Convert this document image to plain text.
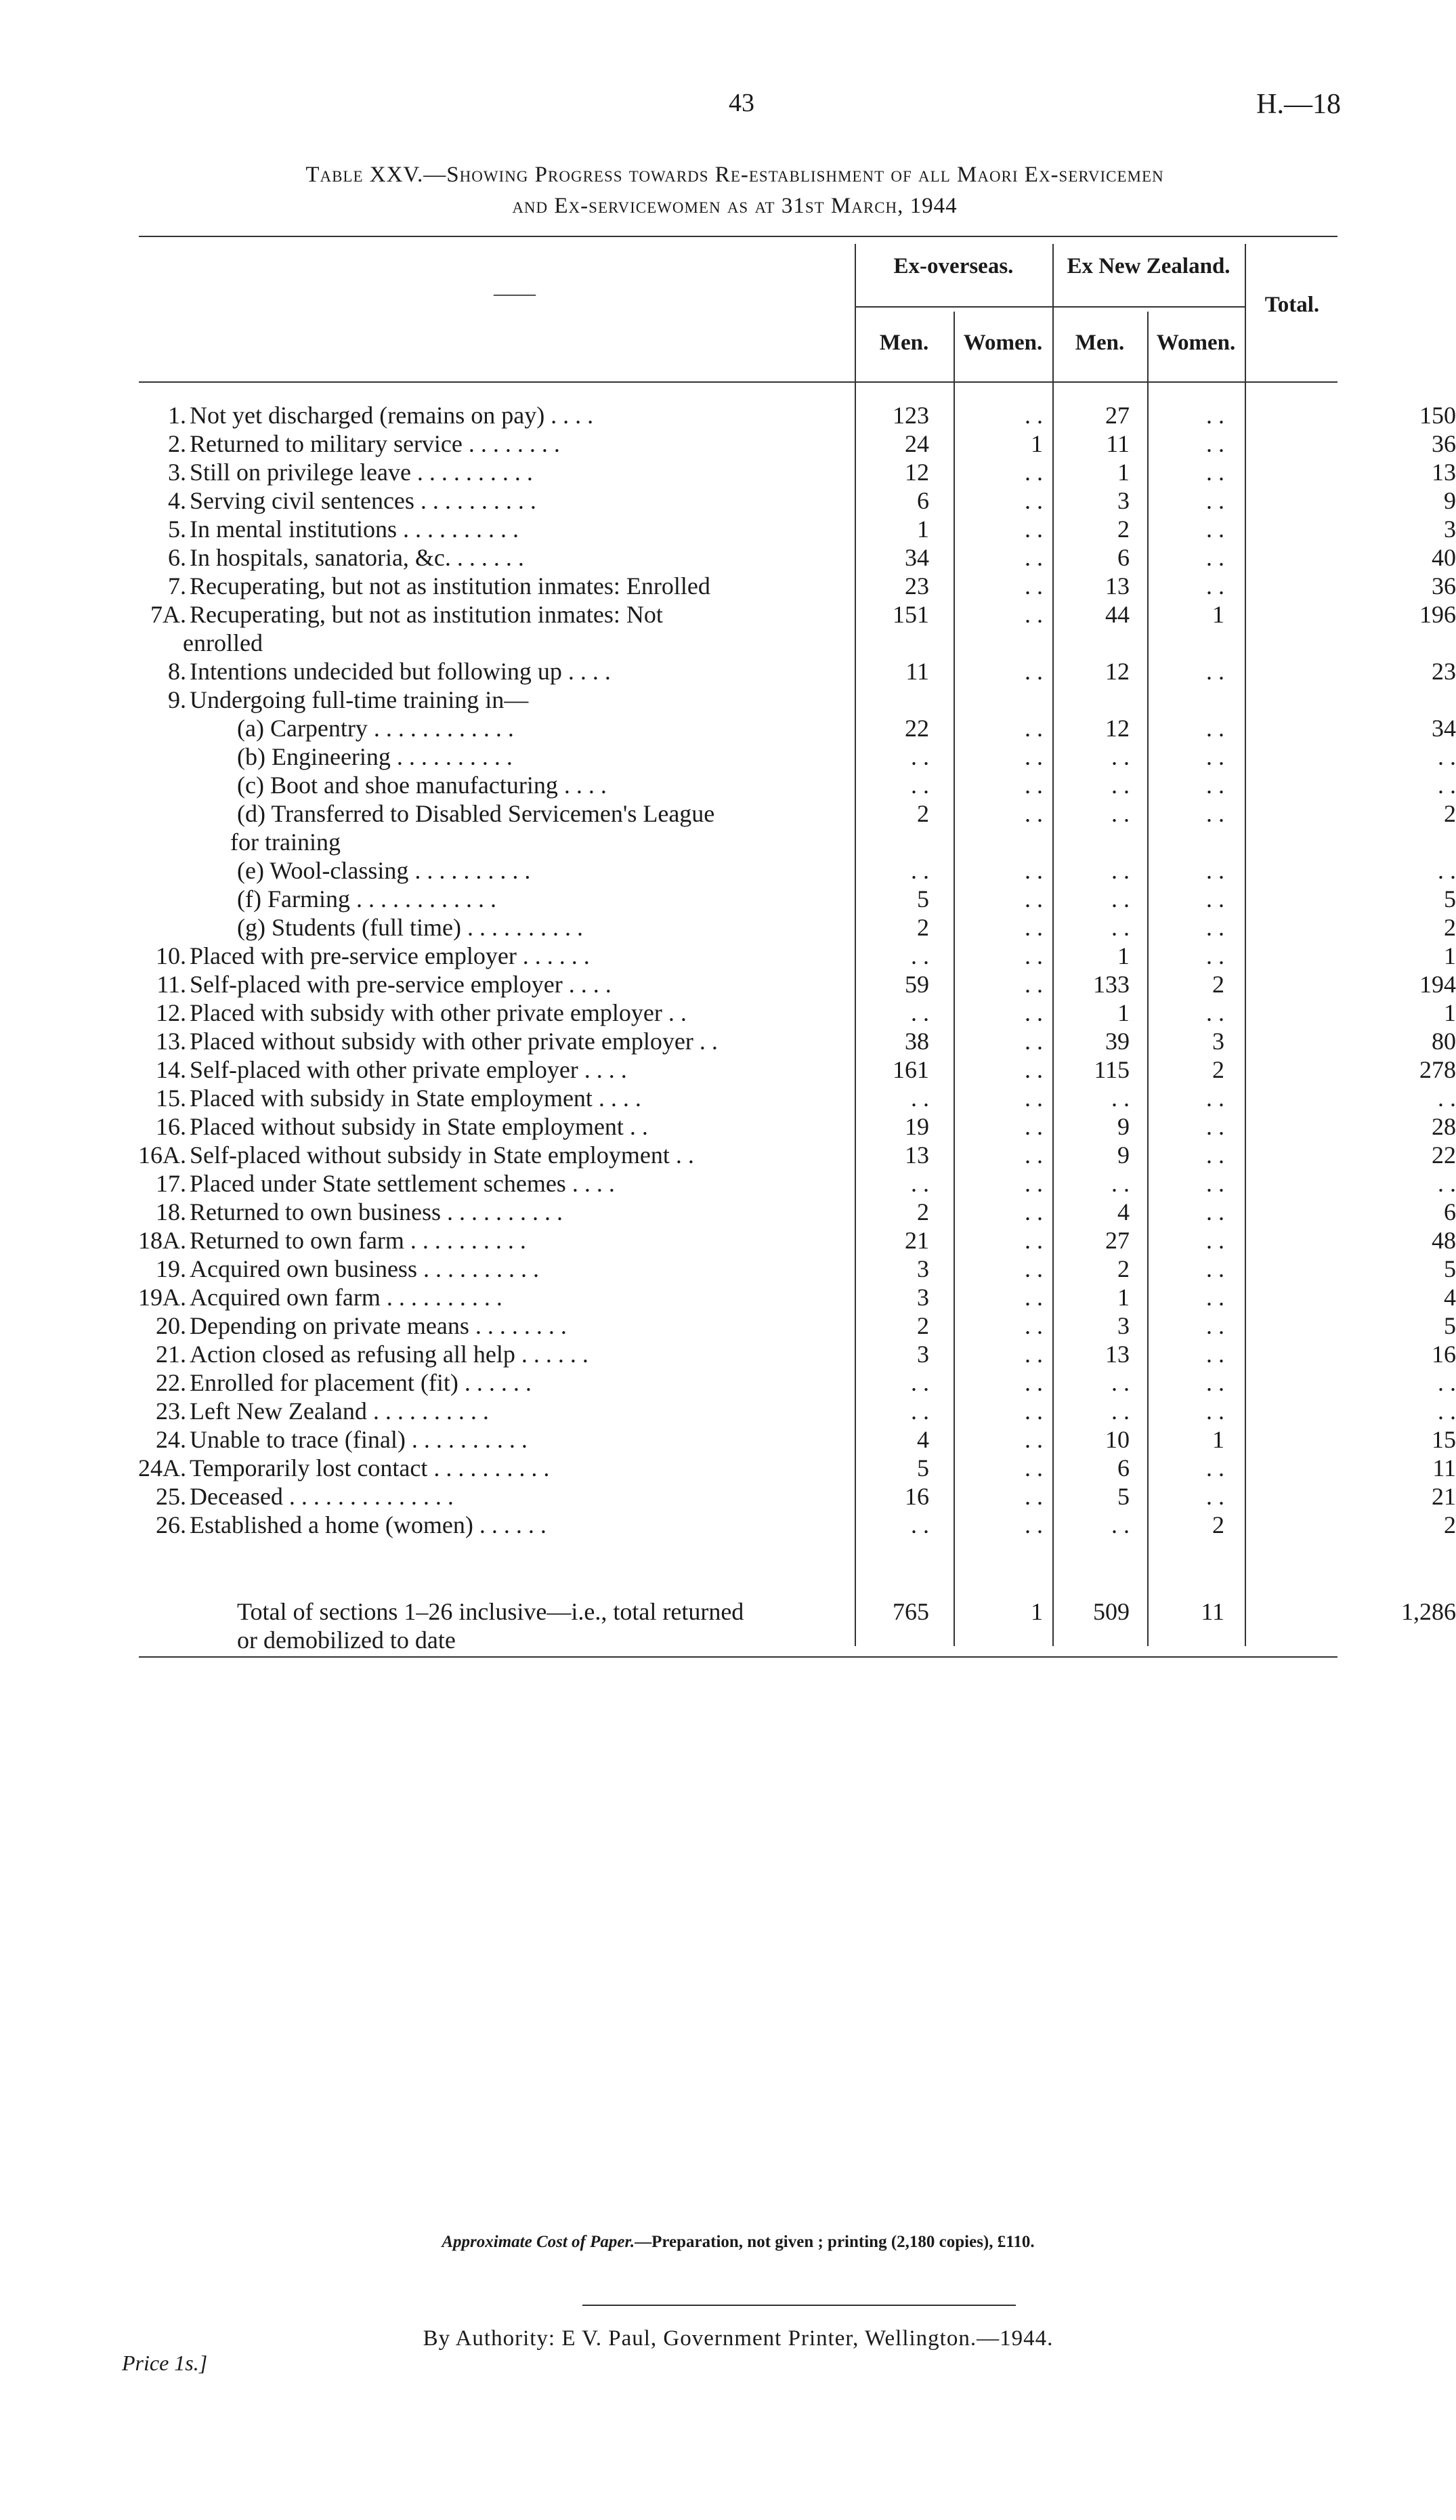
43	H.—18
Table XXV.—Showing Progress towards Re-establishment of all Maori Ex-servicemen
and Ex-servicewomen as at 31st March, 1944
——
Ex-overseas.	Ex New Zealand.
Total.
Men.	Women.	Men.	Women.
1. Not yet discharged (remains on pay) . . . .	123	. .	27	. .	150
2. Returned to military service . . . . . . . .	24	1	11	. .	36
3. Still on privilege leave . . . . . . . . . .	12	. .	1	. .	13
4. Serving civil sentences . . . . . . . . . .	6	. .	3	. .	9
5. In mental institutions . . . . . . . . . .	1	. .	2	. .	3
6. In hospitals, sanatoria, &c. . . . . . .	34	. .	6	. .	40
7. Recuperating, but not as institution inmates: Enrolled	23	. .	13	. .	36
7A. Recuperating, but not as institution inmates: Not	151	. .	44	1	196
enrolled
8. Intentions undecided but following up . . . .	11	. .	12	. .	23
9. Undergoing full-time training in—
(a) Carpentry . . . . . . . . . . . .	22	. .	12	. .	34
(b) Engineering . . . . . . . . . .	. .	. .	. .	. .	. .
(c) Boot and shoe manufacturing . . . .	. .	. .	. .	. .	. .
(d) Transferred to Disabled Servicemen's League	2	. .	. .	. .	2
for training
(e) Wool-classing . . . . . . . . . .	. .	. .	. .	. .	. .
(f) Farming . . . . . . . . . . . .	5	. .	. .	. .	5
(g) Students (full time) . . . . . . . . . .	2	. .	. .	. .	2
10. Placed with pre-service employer . . . . . .	. .	. .	1	. .	1
11. Self-placed with pre-service employer . . . .	59	. .	133	2	194
12. Placed with subsidy with other private employer . .	. .	. .	1	. .	1
13. Placed without subsidy with other private employer . .	38	. .	39	3	80
14. Self-placed with other private employer . . . .	161	. .	115	2	278
15. Placed with subsidy in State employment . . . .	. .	. .	. .	. .	. .
16. Placed without subsidy in State employment . .	19	. .	9	. .	28
16A. Self-placed without subsidy in State employment . .	13	. .	9	. .	22
17. Placed under State settlement schemes . . . .	. .	. .	. .	. .	. .
18. Returned to own business . . . . . . . . . .	2	. .	4	. .	6
18A. Returned to own farm . . . . . . . . . .	21	. .	27	. .	48
19. Acquired own business . . . . . . . . . .	3	. .	2	. .	5
19A. Acquired own farm . . . . . . . . . .	3	. .	1	. .	4
20. Depending on private means . . . . . . . .	2	. .	3	. .	5
21. Action closed as refusing all help . . . . . .	3	. .	13	. .	16
22. Enrolled for placement (fit) . . . . . .	. .	. .	. .	. .	. .
23. Left New Zealand . . . . . . . . . .	. .	. .	. .	. .	. .
24. Unable to trace (final) . . . . . . . . . .	4	. .	10	1	15
24A. Temporarily lost contact . . . . . . . . . .	5	. .	6	. .	11
25. Deceased . . . . . . . . . . . . . .	16	. .	5	. .	21
26. Established a home (women) . . . . . .	. .	. .	. .	2	2
Total of sections 1–26 inclusive—i.e., total returned
or demobilized to date
765	1	509	11	1,286
Approximate Cost of Paper.—Preparation, not given ; printing (2,180 copies), £110.
By Authority: E V. Paul, Government Printer, Wellington.—1944.
Price 1s.]
